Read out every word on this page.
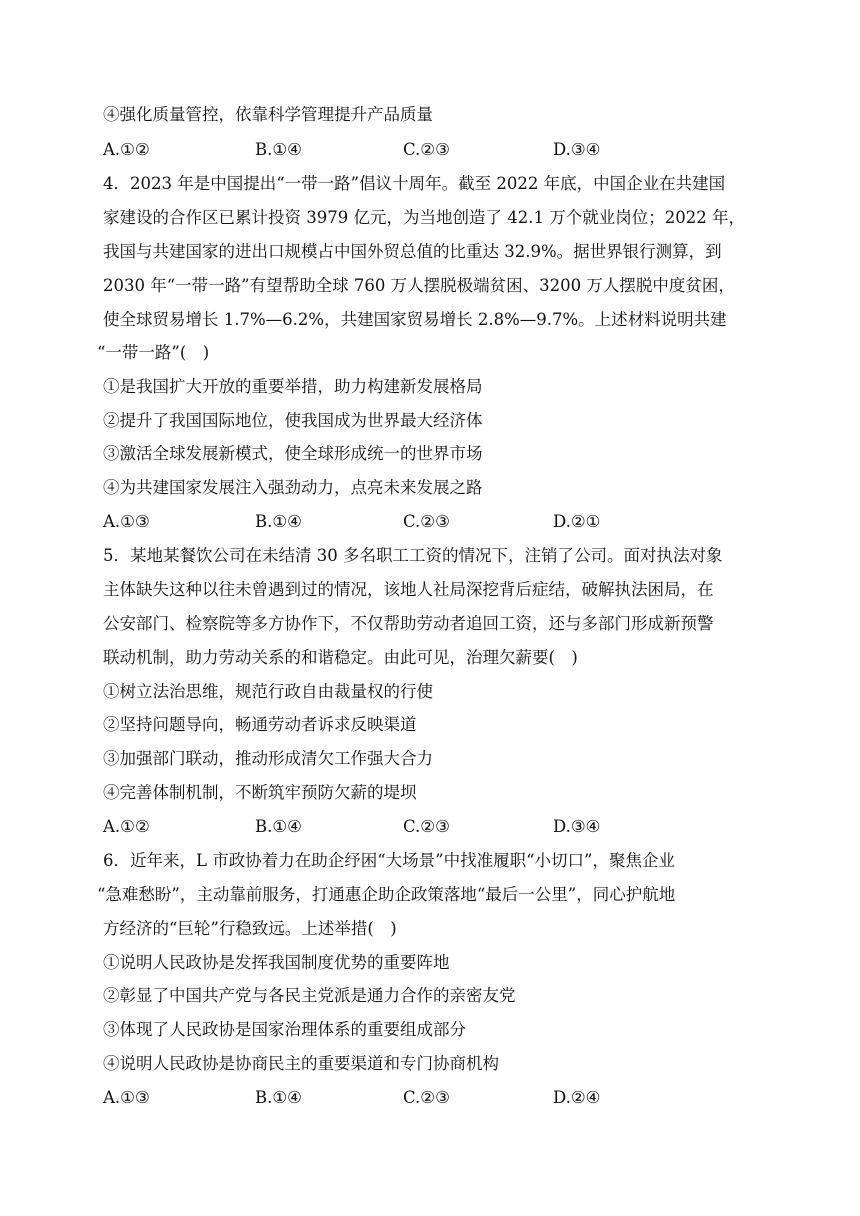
④强化质量管控，依靠科学管理提升产品质量
A.①②	B.①④	C.②③	D.③④
4．2023 年是中国提出“一带一路”倡议十周年。截至 2022 年底，中国企业在共建国
家建设的合作区已累计投资 3979 亿元，为当地创造了 42.1 万个就业岗位；2022 年，
我国与共建国家的进出口规模占中国外贸总值的比重达 32.9%。据世界银行测算，到
2030 年“一带一路”有望帮助全球 760 万人摆脱极端贫困、3200 万人摆脱中度贫困，
使全球贸易增长 1.7%—6.2%，共建国家贸易增长 2.8%—9.7%。上述材料说明共建
“一带一路”(　)
①是我国扩大开放的重要举措，助力构建新发展格局
②提升了我国国际地位，使我国成为世界最大经济体
③激活全球发展新模式，使全球形成统一的世界市场
④为共建国家发展注入强劲动力，点亮未来发展之路
A.①③	B.①④	C.②③	D.②①
5．某地某餐饮公司在未结清 30 多名职工工资的情况下，注销了公司。面对执法对象
主体缺失这种以往未曾遇到过的情况，该地人社局深挖背后症结，破解执法困局，在
公安部门、检察院等多方协作下，不仅帮助劳动者追回工资，还与多部门形成新预警
联动机制，助力劳动关系的和谐稳定。由此可见，治理欠薪要(　)
①树立法治思维，规范行政自由裁量权的行使
②坚持问题导向，畅通劳动者诉求反映渠道
③加强部门联动，推动形成清欠工作强大合力
④完善体制机制，不断筑牢预防欠薪的堤坝
A.①②	B.①④	C.②③	D.③④
6．近年来，L 市政协着力在助企纾困“大场景”中找准履职“小切口”，聚焦企业
“急难愁盼”，主动靠前服务，打通惠企助企政策落地“最后一公里”，同心护航地
方经济的“巨轮”行稳致远。上述举措(　)
①说明人民政协是发挥我国制度优势的重要阵地
②彰显了中国共产党与各民主党派是通力合作的亲密友党
③体现了人民政协是国家治理体系的重要组成部分
④说明人民政协是协商民主的重要渠道和专门协商机构
A.①③	B.①④	C.②③	D.②④
